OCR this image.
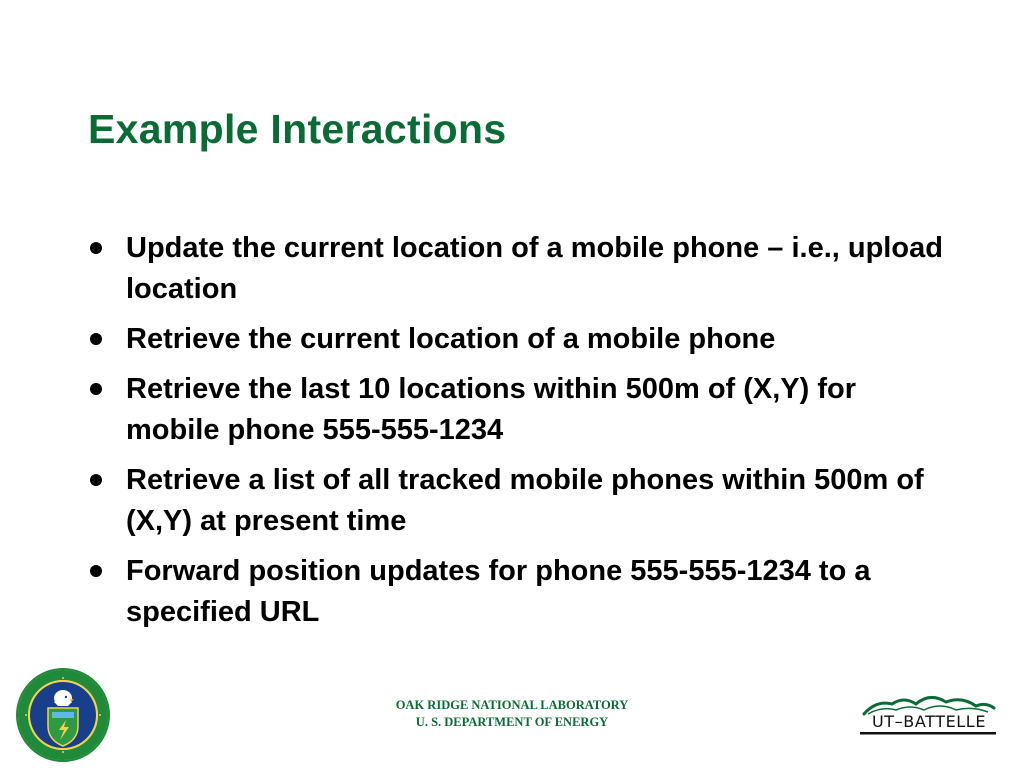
Example Interactions
Update the current location of a mobile phone – i.e., upload location
Retrieve the current location of a mobile phone
Retrieve the last 10 locations within 500m of (X,Y) for mobile phone 555-555-1234
Retrieve a list of all tracked mobile phones within 500m of (X,Y) at present time
Forward position updates for phone 555-555-1234 to a specified URL
OAK RIDGE NATIONAL LABORATORY
U. S. DEPARTMENT OF ENERGY	UT–BATTELLE
